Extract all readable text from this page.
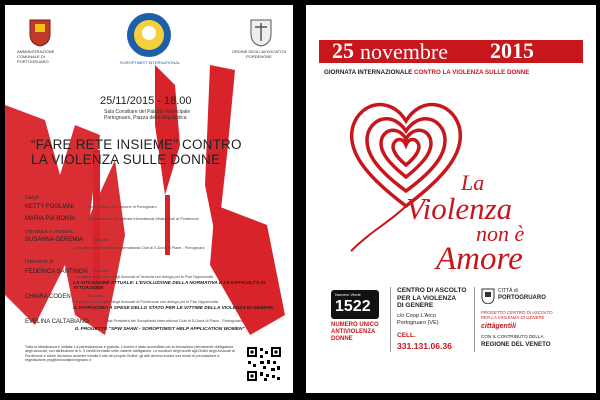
AMMINISTRAZIONE COMUNALE DI PORTOGRUARO	SOROPTIMIST INTERNATIONAL
ORDINE DEGLI AVVOCATI DI PORDENONE
25/11/2015 - 18.00
Sala Consiliare del Palazzo Municipale
Portogruaro, Piazza della Repubblica
“FARE RETE INSIEME” CONTRO
LA VIOLENZA SULLE DONNE
Saluti
KETTY FOGLIANI	Vice Sindaco del Comune di Portogruaro
MARIA PIA BONSI	Presidente del Soroptimist International d'Italia Club di Pordenone
Introduce e modera
SUSANNA GEREMIA	Avvocato
Consigliere del Soroptimist International Club di S.Donà di Piave - Portogruaro
Interventi di
FEDERICA SANTINON Avvocato
Consigliere dell'Ordine degli Avvocati di Venezia con delega per le Pari Opportunità
LA SITUAZIONE ATTUALE: L'EVOLUZIONE DELLA NORMATIVA E LE DIFFICOLTÀ DI ATTUAZIONE
CHIARA CODEN	Avvocato
Consigliere dell'Ordine degli Avvocati di Pordenone con delega per le Pari Opportunità
IL PATROCINIO A SPESE DELLO STATO PER LE VITTIME DELLA VIOLENZA DI GENERE
EVELINA CALTABIANO	Past President del Soroptimist International Club di S.Donà di Piave - Portogruaro
IL PROGETTO "SPW SHAW - SOROPTIMIST HELP APPLICATION WOMEN"
Tutta la cittadinanza è invitata. La partecipazione è gratuita. L'evento è stato accreditato per la formazione permanente obbligatoria degli avvocati, con attribuzione di n. 3 crediti formativi nelle materie obbligatorie. Le iscrizioni degli iscritti agli Ordini degli Avvocati di Pordenone e Udine dovranno avvenire tramite il sito del proprio Ordine; gli altri devono inviare una email di prenotazione a registrazione.peg@avvocatiportogruaro.it
25 novembre 2015
GIORNATA INTERNAZIONALE CONTRO LA VIOLENZA SULLE DONNE
La
Violenza
non è
Amore
Numero Verde
1522
NUMERO UNICO
ANTIVIOLENZA
DONNE
CENTRO DI ASCOLTO
PER LA VIOLENZA
DI GENERE
c/o Coop L'Arco
Portogruaro (VE)
CELL.
331.131.06.36
CITTÀ di
PORTOGRUARO
PROGETTO CENTRO DI ASCOLTO
PER LA VIOLENZA DI GENERE
cittàgentili
CON IL CONTRIBUTO DELLA
REGIONE DEL VENETO
